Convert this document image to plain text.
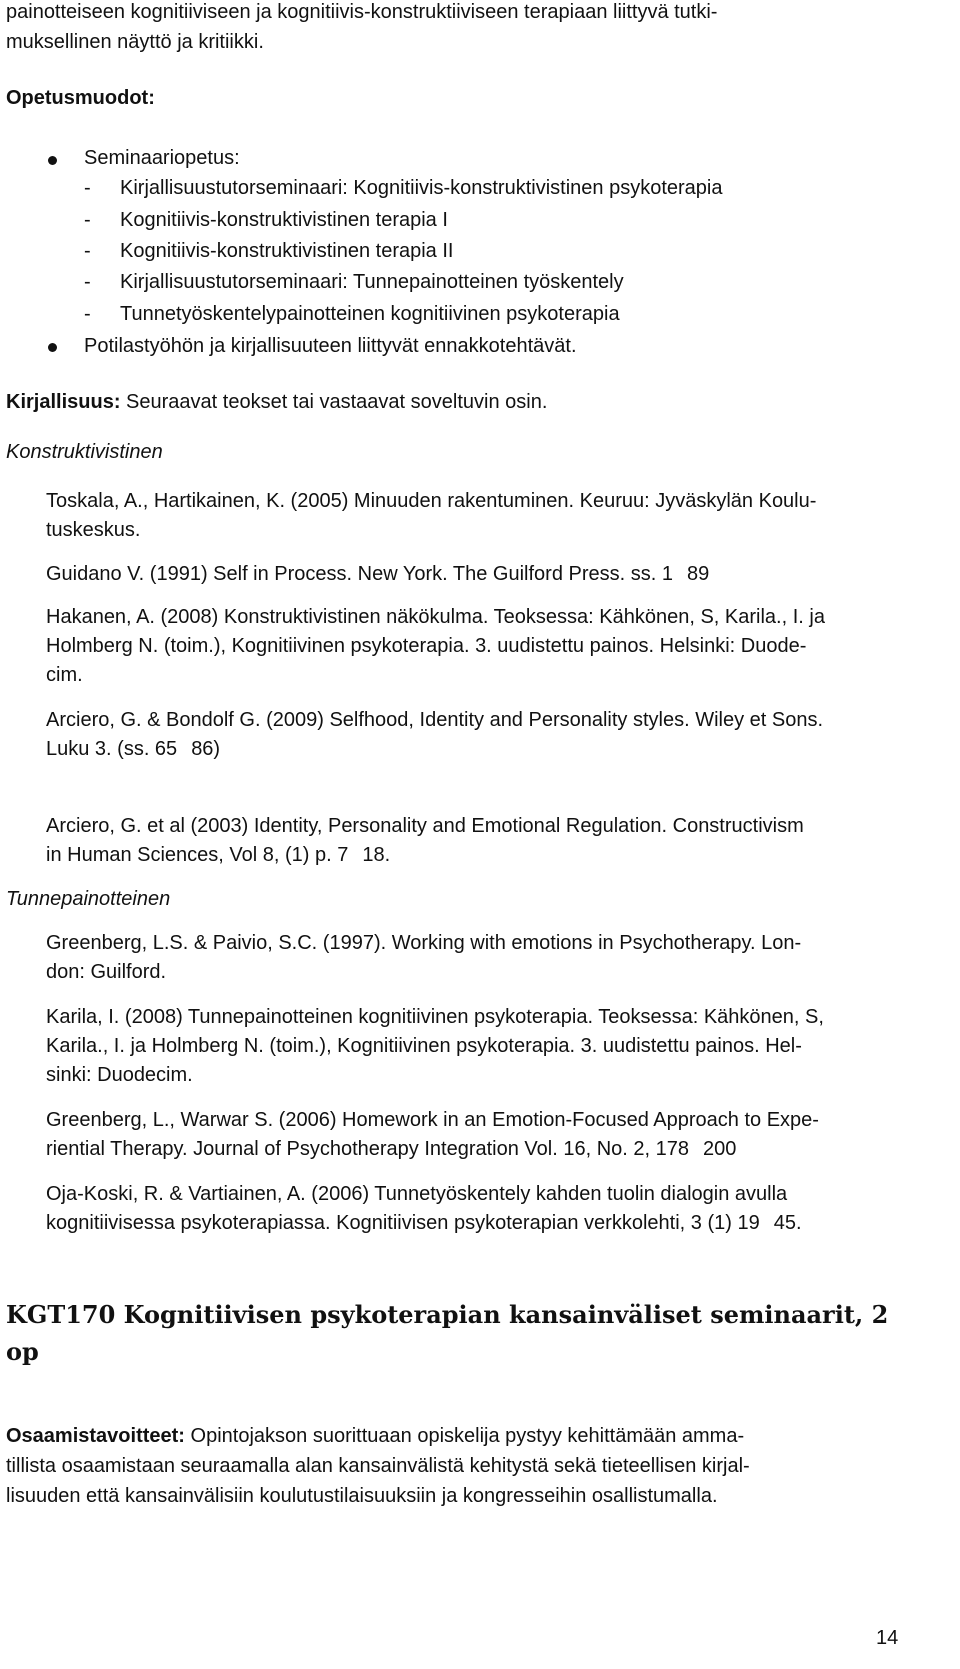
painotteiseen kognitiiviseen ja kognitiivis-konstruktiiviseen terapiaan liittyvä tutki-
muksellinen näyttö ja kritiikki.
Opetusmuodot:
Seminaariopetus:
- Kirjallisuustutorseminaari: Kognitiivis-konstruktivistinen psykoterapia
- Kognitiivis-konstruktivistinen terapia I
- Kognitiivis-konstruktivistinen terapia II
- Kirjallisuustutorseminaari: Tunnepainotteinen työskentely
- Tunnetyöskentelypainotteinen kognitiivinen psykoterapia
Potilastyöhön ja kirjallisuuteen liittyvät ennakkotehtävät.
Kirjallisuus: Seuraavat teokset tai vastaavat soveltuvin osin.
Konstruktivistinen
Toskala, A., Hartikainen, K. (2005) Minuuden rakentuminen. Keuruu: Jyväskylän Koulu-
tuskeskus.
Guidano V. (1991) Self in Process. New York. The Guilford Press. ss. 1 89
Hakanen, A. (2008) Konstruktivistinen näkökulma. Teoksessa: Kähkönen, S, Karila., I. ja
Holmberg N. (toim.), Kognitiivinen psykoterapia. 3. uudistettu painos. Helsinki: Duode-
cim.
Arciero, G. & Bondolf G. (2009) Selfhood, Identity and Personality styles. Wiley et Sons.
Luku 3. (ss. 65 86)
Arciero, G. et al (2003) Identity, Personality and Emotional Regulation. Constructivism
in Human Sciences, Vol 8, (1) p. 7 18.
Tunnepainotteinen
Greenberg, L.S. & Paivio, S.C. (1997). Working with emotions in Psychotherapy. Lon-
don: Guilford.
Karila, I. (2008) Tunnepainotteinen kognitiivinen psykoterapia. Teoksessa: Kähkönen, S,
Karila., I. ja Holmberg N. (toim.), Kognitiivinen psykoterapia. 3. uudistettu painos. Hel-
sinki: Duodecim.
Greenberg, L., Warwar S. (2006) Homework in an Emotion-Focused Approach to Expe-
riential Therapy. Journal of Psychotherapy Integration Vol. 16, No. 2, 178 200
Oja-Koski, R. & Vartiainen, A. (2006) Tunnetyöskentely kahden tuolin dialogin avulla
kognitiivisessa psykoterapiassa. Kognitiivisen psykoterapian verkkolehti, 3 (1) 19 45.
KGT170 Kognitiivisen psykoterapian kansainväliset seminaarit, 2
op
Osaamistavoitteet: Opintojakson suorittuaan opiskelija pystyy kehittämään amma-
tillista osaamistaan seuraamalla alan kansainvälistä kehitystä sekä tieteellisen kirjal-
lisuuden että kansainvälisiin koulutustilaisuuksiin ja kongresseihin osallistumalla.
14
